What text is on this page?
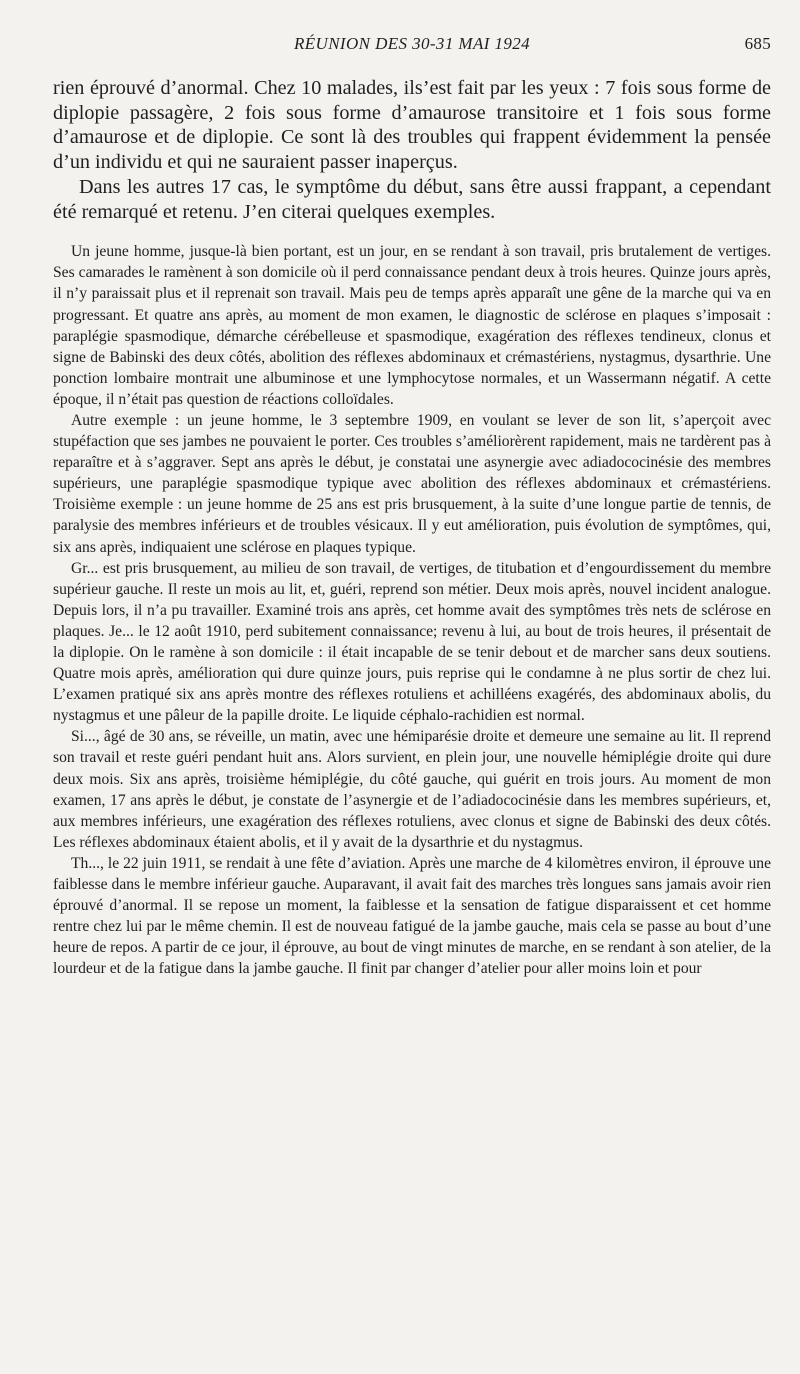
RÉUNION DES 30-31 MAI 1924	685

rien éprouvé d’anormal. Chez 10 malades, ils’est fait par les yeux : 7 fois sous forme de diplopie passagère, 2 fois sous forme d’amaurose transitoire et 1 fois sous forme d’amaurose et de diplopie. Ce sont là des troubles qui frappent évidemment la pensée d’un individu et qui ne sauraient passer inaperçus.

Dans les autres 17 cas, le symptôme du début, sans être aussi frappant, a cependant été remarqué et retenu. J’en citerai quelques exemples.

Un jeune homme, jusque-là bien portant, est un jour, en se rendant à son travail, pris brutalement de vertiges. Ses camarades le ramènent à son domicile où il perd connaissance pendant deux à trois heures. Quinze jours après, il n’y paraissait plus et il reprenait son travail. Mais peu de temps après apparaît une gêne de la marche qui va en progressant. Et quatre ans après, au moment de mon examen, le diagnostic de sclérose en plaques s’imposait : paraplégie spasmodique, démarche cérébelleuse et spasmodique, exagération des réflexes tendineux, clonus et signe de Babinski des deux côtés, abolition des réflexes abdominaux et crémastériens, nystagmus, dysarthrie. Une ponction lombaire montrait une albuminose et une lymphocytose normales, et un Wassermann négatif. A cette époque, il n’était pas question de réactions colloïdales.

Autre exemple : un jeune homme, le 3 septembre 1909, en voulant se lever de son lit, s’aperçoit avec stupéfaction que ses jambes ne pouvaient le porter. Ces troubles s’améliorèrent rapidement, mais ne tardèrent pas à reparaître et à s’aggraver. Sept ans après le début, je constatai une asynergie avec adiadococinésie des membres supérieurs, une paraplégie spasmodique typique avec abolition des réflexes abdominaux et crémastériens. Troisième exemple : un jeune homme de 25 ans est pris brusquement, à la suite d’une longue partie de tennis, de paralysie des membres inférieurs et de troubles vésicaux. Il y eut amélioration, puis évolution de symptômes, qui, six ans après, indiquaient une sclérose en plaques typique.

Gr... est pris brusquement, au milieu de son travail, de vertiges, de titubation et d’engourdissement du membre supérieur gauche. Il reste un mois au lit, et, guéri, reprend son métier. Deux mois après, nouvel incident analogue. Depuis lors, il n’a pu travailler. Examiné trois ans après, cet homme avait des symptômes très nets de sclérose en plaques. Je... le 12 août 1910, perd subitement connaissance; revenu à lui, au bout de trois heures, il présentait de la diplopie. On le ramène à son domicile : il était incapable de se tenir debout et de marcher sans deux soutiens. Quatre mois après, amélioration qui dure quinze jours, puis reprise qui le condamne à ne plus sortir de chez lui. L’examen pratiqué six ans après montre des réflexes rotuliens et achilléens exagérés, des abdominaux abolis, du nystagmus et une pâleur de la papille droite. Le liquide céphalo-rachidien est normal.

Si..., âgé de 30 ans, se réveille, un matin, avec une hémiparésie droite et demeure une semaine au lit. Il reprend son travail et reste guéri pendant huit ans. Alors survient, en plein jour, une nouvelle hémiplégie droite qui dure deux mois. Six ans après, troisième hémiplégie, du côté gauche, qui guérit en trois jours. Au moment de mon examen, 17 ans après le début, je constate de l’asynergie et de l’adiadococinésie dans les membres supérieurs, et, aux membres inférieurs, une exagération des réflexes rotuliens, avec clonus et signe de Babinski des deux côtés. Les réflexes abdominaux étaient abolis, et il y avait de la dysarthrie et du nystagmus.

Th..., le 22 juin 1911, se rendait à une fête d’aviation. Après une marche de 4 kilomètres environ, il éprouve une faiblesse dans le membre inférieur gauche. Auparavant, il avait fait des marches très longues sans jamais avoir rien éprouvé d’anormal. Il se repose un moment, la faiblesse et la sensation de fatigue disparaissent et cet homme rentre chez lui par le même chemin. Il est de nouveau fatigué de la jambe gauche, mais cela se passe au bout d’une heure de repos. A partir de ce jour, il éprouve, au bout de vingt minutes de marche, en se rendant à son atelier, de la lourdeur et de la fatigue dans la jambe gauche. Il finit par changer d’atelier pour aller moins loin et pour
